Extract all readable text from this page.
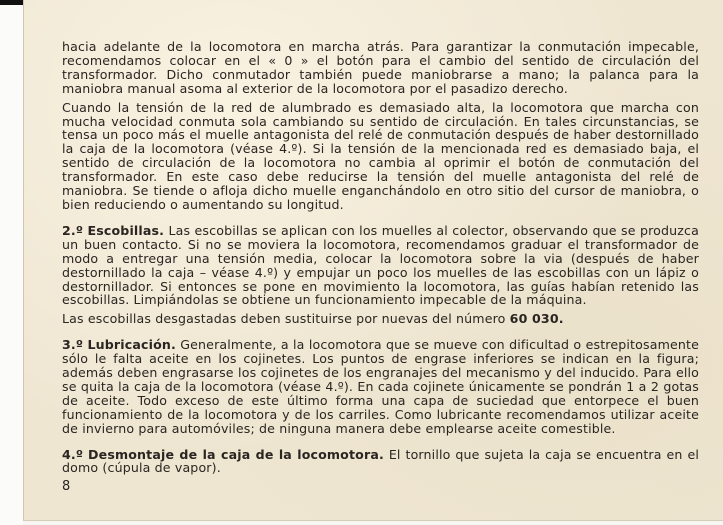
hacia adelante de la locomotora en marcha atrás. Para garantizar la conmutación impecable, recomendamos colocar en el « 0 » el botón para el cambio del sentido de circulación del transformador. Dicho conmutador también puede maniobrarse a mano; la palanca para la maniobra manual asoma al exterior de la locomotora por el pasadizo derecho.

Cuando la tensión de la red de alumbrado es demasiado alta, la locomotora que marcha con mucha velocidad conmuta sola cambiando su sentido de circulación. En tales circunstancias, se tensa un poco más el muelle antagonista del relé de conmutación después de haber destornillado la caja de la locomotora (véase 4.º). Si la tensión de la mencionada red es demasiado baja, el sentido de circulación de la locomotora no cambia al oprimir el botón de conmutación del transformador. En este caso debe reducirse la tensión del muelle antagonista del relé de maniobra. Se tiende o afloja dicho muelle enganchándolo en otro sitio del cursor de maniobra, o bien reduciendo o aumentando su longitud.

2.º Escobillas. Las escobillas se aplican con los muelles al colector, observando que se produzca un buen contacto. Si no se moviera la locomotora, recomendamos graduar el transformador de modo a entregar una tensión media, colocar la locomotora sobre la via (después de haber destornillado la caja – véase 4.º) y empujar un poco los muelles de las escobillas con un lápiz o destornillador. Si entonces se pone en movimiento la locomotora, las guías habían retenido las escobillas. Limpiándolas se obtiene un funcionamiento impecable de la máquina.

Las escobillas desgastadas deben sustituirse por nuevas del número 60 030.

3.º Lubricación. Generalmente, a la locomotora que se mueve con dificultad o estrepitosamente sólo le falta aceite en los cojinetes. Los puntos de engrase inferiores se indican en la figura; además deben engrasarse los cojinetes de los engranajes del mecanismo y del inducido. Para ello se quita la caja de la locomotora (véase 4.º). En cada cojinete únicamente se pondrán 1 a 2 gotas de aceite. Todo exceso de este último forma una capa de suciedad que entorpece el buen funcionamiento de la locomotora y de los carriles. Como lubricante recomendamos utilizar aceite de invierno para automóviles; de ninguna manera debe emplearse aceite comestible.

4.º Desmontaje de la caja de la locomotora. El tornillo que sujeta la caja se encuentra en el domo (cúpula de vapor).

8
